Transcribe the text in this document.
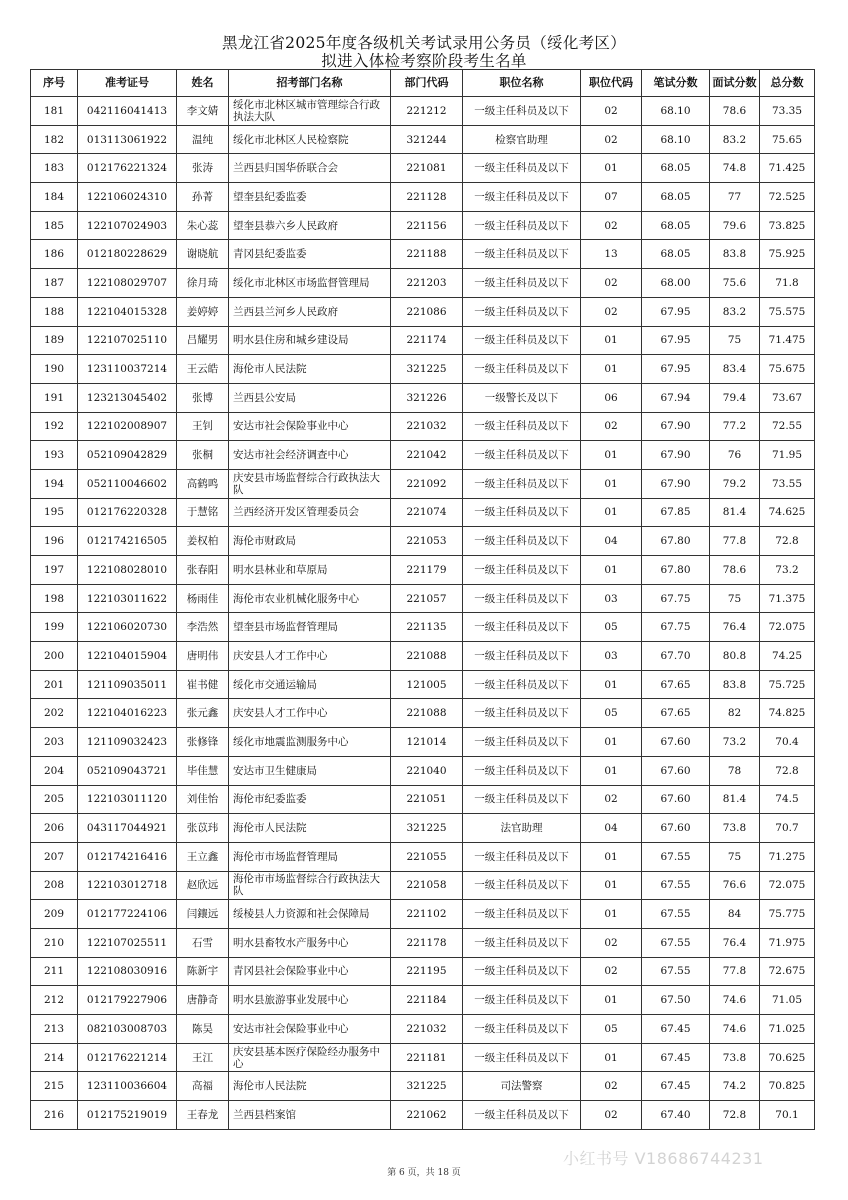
黑龙江省2025年度各级机关考试录用公务员（绥化考区）
拟进入体检考察阶段考生名单
序号	准考证号	姓名	招考部门名称	部门代码	职位名称	职位代码	笔试分数	面试分数	总分数
181	042116041413	李文婧	绥化市北林区城市管理综合行政执法大队	221212	一级主任科员及以下	02	68.10	78.6	73.35
182	013113061922	温纯	绥化市北林区人民检察院	321244	检察官助理	02	68.10	83.2	75.65
183	012176221324	张涛	兰西县归国华侨联合会	221081	一级主任科员及以下	01	68.05	74.8	71.425
184	122106024310	孙菁	望奎县纪委监委	221128	一级主任科员及以下	07	68.05	77	72.525
185	122107024903	朱心蕊	望奎县恭六乡人民政府	221156	一级主任科员及以下	02	68.05	79.6	73.825
186	012180228629	谢晓航	青冈县纪委监委	221188	一级主任科员及以下	13	68.05	83.8	75.925
187	122108029707	徐月琦	绥化市北林区市场监督管理局	221203	一级主任科员及以下	02	68.00	75.6	71.8
188	122104015328	姜婷婷	兰西县兰河乡人民政府	221086	一级主任科员及以下	02	67.95	83.2	75.575
189	122107025110	吕耀男	明水县住房和城乡建设局	221174	一级主任科员及以下	01	67.95	75	71.475
190	123110037214	王云皓	海伦市人民法院	321225	一级主任科员及以下	01	67.95	83.4	75.675
191	123213045402	张博	兰西县公安局	321226	一级警长及以下	06	67.94	79.4	73.67
192	122102008907	王钊	安达市社会保险事业中心	221032	一级主任科员及以下	02	67.90	77.2	72.55
193	052109042829	张桐	安达市社会经济调查中心	221042	一级主任科员及以下	01	67.90	76	71.95
194	052110046602	高鹤鸣	庆安县市场监督综合行政执法大队	221092	一级主任科员及以下	01	67.90	79.2	73.55
195	012176220328	于慧铭	兰西经济开发区管理委员会	221074	一级主任科员及以下	01	67.85	81.4	74.625
196	012174216505	姜权柏	海伦市财政局	221053	一级主任科员及以下	04	67.80	77.8	72.8
197	122108028010	张春阳	明水县林业和草原局	221179	一级主任科员及以下	01	67.80	78.6	73.2
198	122103011622	杨雨佳	海伦市农业机械化服务中心	221057	一级主任科员及以下	03	67.75	75	71.375
199	122106020730	李浩然	望奎县市场监督管理局	221135	一级主任科员及以下	05	67.75	76.4	72.075
200	122104015904	唐明伟	庆安县人才工作中心	221088	一级主任科员及以下	03	67.70	80.8	74.25
201	121109035011	崔书健	绥化市交通运输局	121005	一级主任科员及以下	01	67.65	83.8	75.725
202	122104016223	张元鑫	庆安县人才工作中心	221088	一级主任科员及以下	05	67.65	82	74.825
203	121109032423	张修锋	绥化市地震监测服务中心	121014	一级主任科员及以下	01	67.60	73.2	70.4
204	052109043721	毕佳慧	安达市卫生健康局	221040	一级主任科员及以下	01	67.60	78	72.8
205	122103011120	刘佳怡	海伦市纪委监委	221051	一级主任科员及以下	02	67.60	81.4	74.5
206	043117044921	张苡玮	海伦市人民法院	321225	法官助理	04	67.60	73.8	70.7
207	012174216416	王立鑫	海伦市市场监督管理局	221055	一级主任科员及以下	01	67.55	75	71.275
208	122103012718	赵欣远	海伦市市场监督综合行政执法大队	221058	一级主任科员及以下	01	67.55	76.6	72.075
209	012177224106	闫鑲远	绥棱县人力资源和社会保障局	221102	一级主任科员及以下	01	67.55	84	75.775
210	122107025511	石雪	明水县畜牧水产服务中心	221178	一级主任科员及以下	02	67.55	76.4	71.975
211	122108030916	陈新宇	青冈县社会保险事业中心	221195	一级主任科员及以下	02	67.55	77.8	72.675
212	012179227906	唐静奇	明水县旅游事业发展中心	221184	一级主任科员及以下	01	67.50	74.6	71.05
213	082103008703	陈昊	安达市社会保险事业中心	221032	一级主任科员及以下	05	67.45	74.6	71.025
214	012176221214	王江	庆安县基本医疗保险经办服务中心	221181	一级主任科员及以下	01	67.45	73.8	70.625
215	123110036604	高福	海伦市人民法院	321225	司法警察	02	67.45	74.2	70.825
216	012175219019	王春龙	兰西县档案馆	221062	一级主任科员及以下	02	67.40	72.8	70.1
第 6 页，共 18 页
小红书号 V18686744231
